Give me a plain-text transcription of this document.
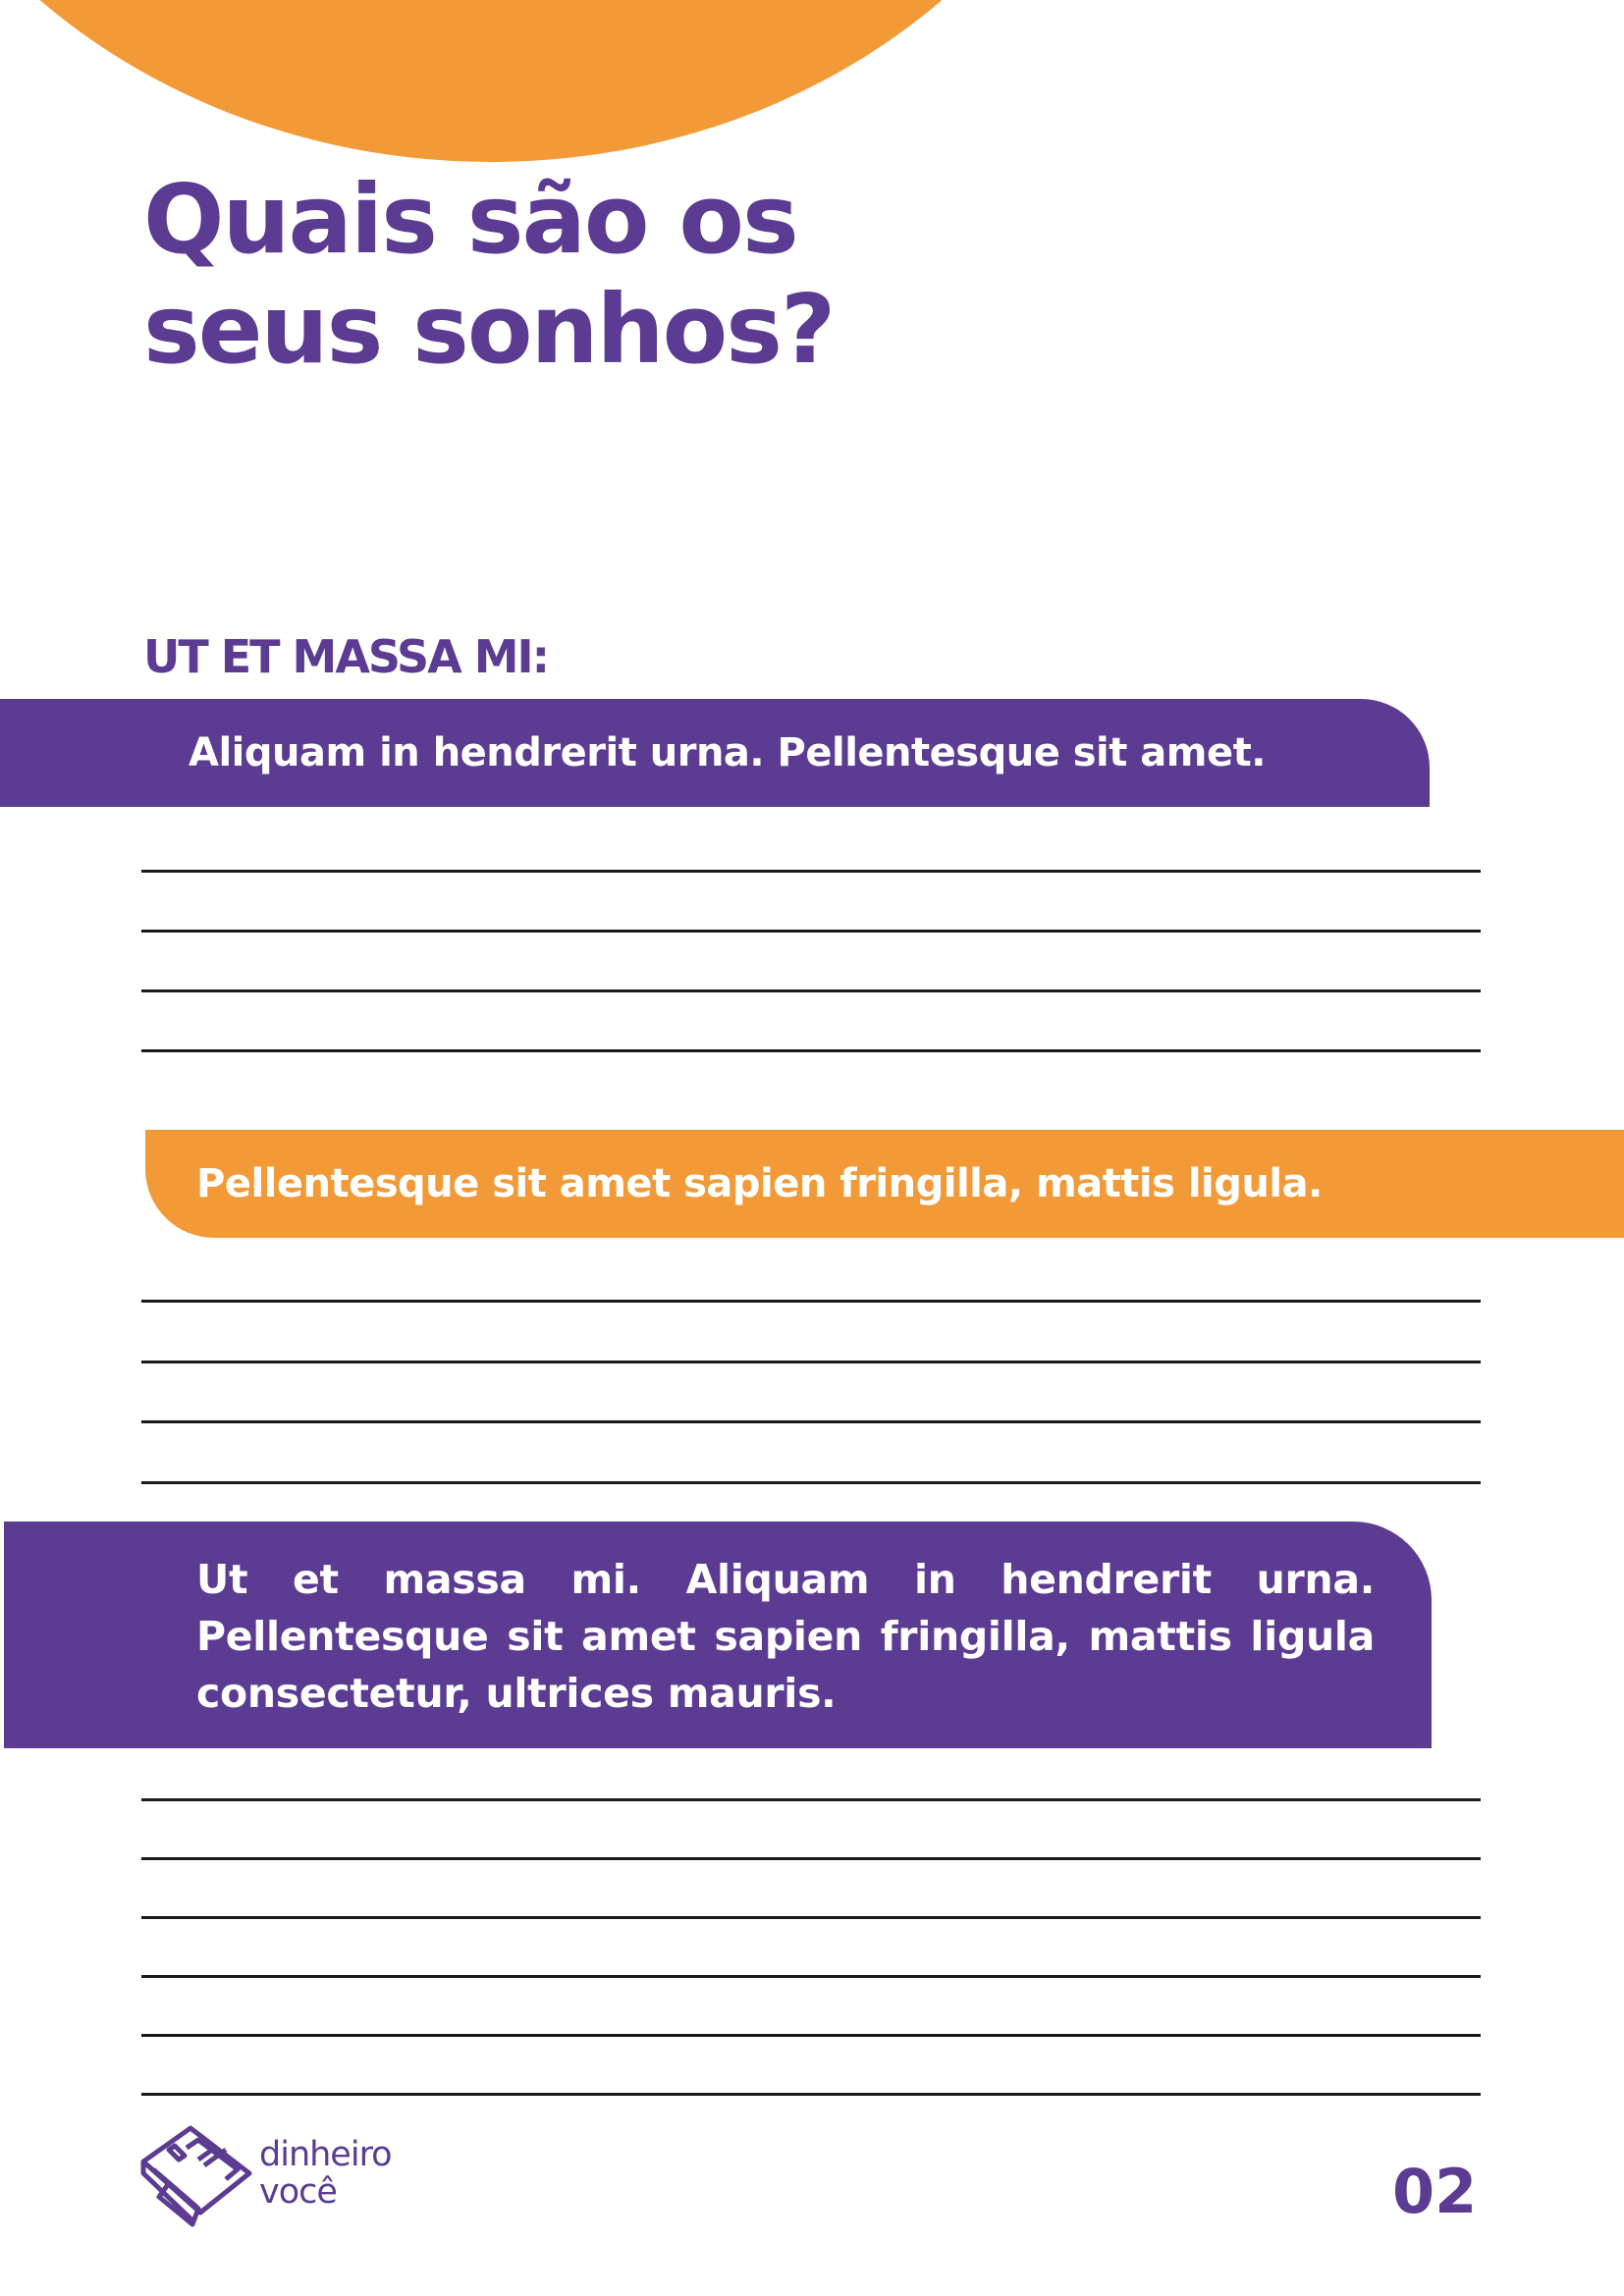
Quais são os
seus sonhos?
UT ET MASSA MI:
Aliquam in hendrerit urna. Pellentesque sit amet.
Pellentesque sit amet sapien fringilla, mattis ligula.

Ut et massa mi. Aliquam in hendrerit urna. Pellentesque sit amet sapien fringilla, mattis ligula consectetur, ultrices mauris.

dinheiro
você	02
